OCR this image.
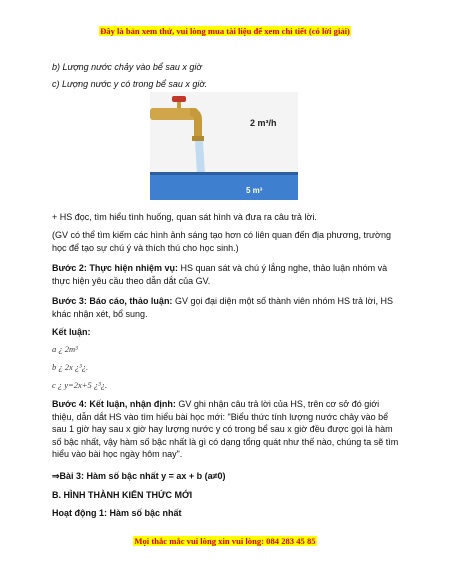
Đây là bản xem thử, vui lòng mua tài liệu để xem chi tiết (có lời giải)
b) Lượng nước chảy vào bể sau x giờ
c) Lượng nước y có trong bể sau x giờ.
2 m³/h
5 m³
+ HS đọc, tìm hiểu tình huống, quan sát hình và đưa ra câu trả lời.
(GV có thể tìm kiếm các hình ảnh sáng tạo hơn có liên quan đến địa phương, trường học để tạo sự chú ý và thích thú cho học sinh.)
Bước 2: Thực hiện nhiệm vụ: HS quan sát và chú ý lắng nghe, thảo luận nhóm và thực hiện yêu cầu theo dẫn dắt của GV.
Bước 3: Báo cáo, thảo luận: GV gọi đại diện một số thành viên nhóm HS trả lời, HS khác nhận xét, bổ sung.
Kết luận:
a ¿ 2m³
b ¿ 2x ¿³¿.
c ¿ y=2x+5 ¿³¿.
Bước 4: Kết luận, nhận định: GV ghi nhận câu trả lời của HS, trên cơ sở đó giới thiệu, dẫn dắt HS vào tìm hiểu bài học mới: "Biểu thức tính lượng nước chảy vào bể sau 1 giờ hay sau x giờ hay lượng nước y có trong bể sau x giờ đều được gọi là hàm số bậc nhất, vậy hàm số bậc nhất là gì có dạng tổng quát như thế nào, chúng ta sẽ tìm hiểu vào bài học ngày hôm nay".
⇒Bài 3: Hàm số bậc nhất y = ax + b (a≠0)
B. HÌNH THÀNH KIẾN THỨC MỚI
Hoạt động 1: Hàm số bậc nhất
Mọi thắc mắc vui lòng xin vui lòng: 084 283 45 85
